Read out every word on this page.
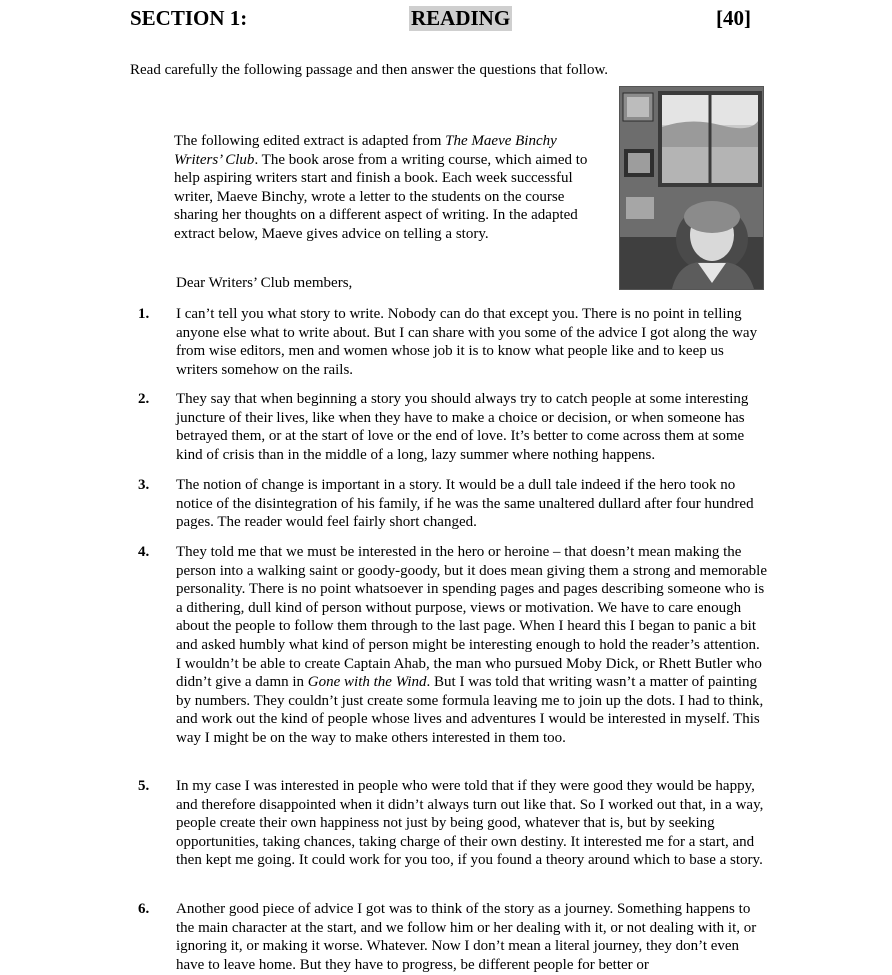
SECTION 1:	READING	[40]
Read carefully the following passage and then answer the questions that follow.
The following edited extract is adapted from The Maeve Binchy Writers’ Club. The book arose from a writing course, which aimed to help aspiring writers start and finish a book. Each week successful writer, Maeve Binchy, wrote a letter to the students on the course sharing her thoughts on a different aspect of writing. In the adapted extract below, Maeve gives advice on telling a story.
Dear Writers’ Club members,
1. I can’t tell you what story to write. Nobody can do that except you. There is no point in telling anyone else what to write about. But I can share with you some of the advice I got along the way from wise editors, men and women whose job it is to know what people like and to keep us writers somehow on the rails.
2. They say that when beginning a story you should always try to catch people at some interesting juncture of their lives, like when they have to make a choice or decision, or when someone has betrayed them, or at the start of love or the end of love. It’s better to come across them at some kind of crisis than in the middle of a long, lazy summer where nothing happens.
3. The notion of change is important in a story. It would be a dull tale indeed if the hero took no notice of the disintegration of his family, if he was the same unaltered dullard after four hundred pages. The reader would feel fairly short changed.
4. They told me that we must be interested in the hero or heroine – that doesn’t mean making the person into a walking saint or goody-goody, but it does mean giving them a strong and memorable personality. There is no point whatsoever in spending pages and pages describing someone who is a dithering, dull kind of person without purpose, views or motivation. We have to care enough about the people to follow them through to the last page. When I heard this I began to panic a bit and asked humbly what kind of person might be interesting enough to hold the reader’s attention. I wouldn’t be able to create Captain Ahab, the man who pursued Moby Dick, or Rhett Butler who didn’t give a damn in Gone with the Wind. But I was told that writing wasn’t a matter of painting by numbers. They couldn’t just create some formula leaving me to join up the dots. I had to think, and work out the kind of people whose lives and adventures I would be interested in myself. This way I might be on the way to make others interested in them too.
5. In my case I was interested in people who were told that if they were good they would be happy, and therefore disappointed when it didn’t always turn out like that. So I worked out that, in a way, people create their own happiness not just by being good, whatever that is, but by seeking opportunities, taking chances, taking charge of their own destiny. It interested me for a start, and then kept me going. It could work for you too, if you found a theory around which to base a story.
6. Another good piece of advice I got was to think of the story as a journey. Something happens to the main character at the start, and we follow him or her dealing with it, or not dealing with it, or ignoring it, or making it worse. Whatever. Now I don’t mean a literal journey, they don’t even have to leave home. But they have to progress, be different people for better or
